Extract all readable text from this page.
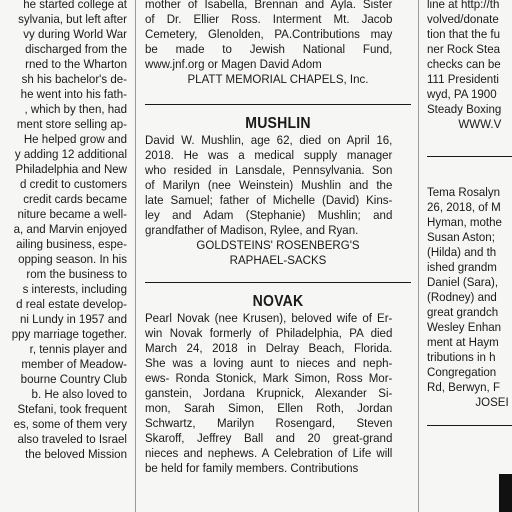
he started college at
sylvania, but left after
vy during World War
discharged from the
rned to the Wharton
sh his bachelor's de-
he went into his fath-
, which by then, had
ment store selling ap-
He helped grow and
y adding 12 additional
Philadelphia and New
d credit to customers
credit cards became
niture became a well-
a, and Marvin enjoyed
ailing business, espe-
opping season. In his
rom the business to
s interests, including
d real estate develop-
ni Lundy in 1957 and
ppy marriage together.
r, tennis player and
member of Meadow-
bourne Country Club
b. He also loved to
Stefani, took frequent
es, some of them very
also traveled to Israel
the beloved Mission
mother of Isabella, Brennan and Ayla. Sister
of Dr. Ellier Ross. Interment Mt. Jacob
Cemetery, Glenolden, PA.Contributions may
be made to Jewish National Fund,
www.jnf.org or Magen David Adom
PLATT MEMORIAL CHAPELS, Inc.
MUSHLIN
David W. Mushlin, age 62, died on April 16,
2018. He was a medical supply manager
who resided in Lansdale, Pennsylvania. Son
of Marilyn (nee Weinstein) Mushlin and the
late Samuel; father of Michelle (David) Kins-
ley and Adam (Stephanie) Mushlin; and
grandfather of Madison, Rylee, and Ryan.
GOLDSTEINS' ROSENBERG'S
RAPHAEL-SACKS
NOVAK
Pearl Novak (nee Krusen), beloved wife of Er-
win Novak formerly of Philadelphia, PA died
March 24, 2018 in Delray Beach, Florida.
She was a loving aunt to nieces and neph-
ews- Ronda Stonick, Mark Simon, Ross Mor-
ganstein, Jordana Krupnick, Alexander Si-
mon, Sarah Simon, Ellen Roth, Jordan
Schwartz, Marilyn Rosengard, Steven
Skaroff, Jeffrey Ball and 20 great-grand
nieces and nephews. A Celebration of Life will
be held for family members. Contributions
line at http://th
volved/donate
tion that the fu
ner Rock Stea
checks can be
111 Presidenti
wyd, PA 1900
Steady Boxing
WWW.V
Tema Rosalyn
26, 2018, of M
Hyman, mothe
Susan Aston;
(Hilda) and th
ished grandm
Daniel (Sara),
(Rodney) and
great grandch
Wesley Enhan
ment at Haym
tributions in h
Congregation
Rd, Berwyn, F
JOSEI
